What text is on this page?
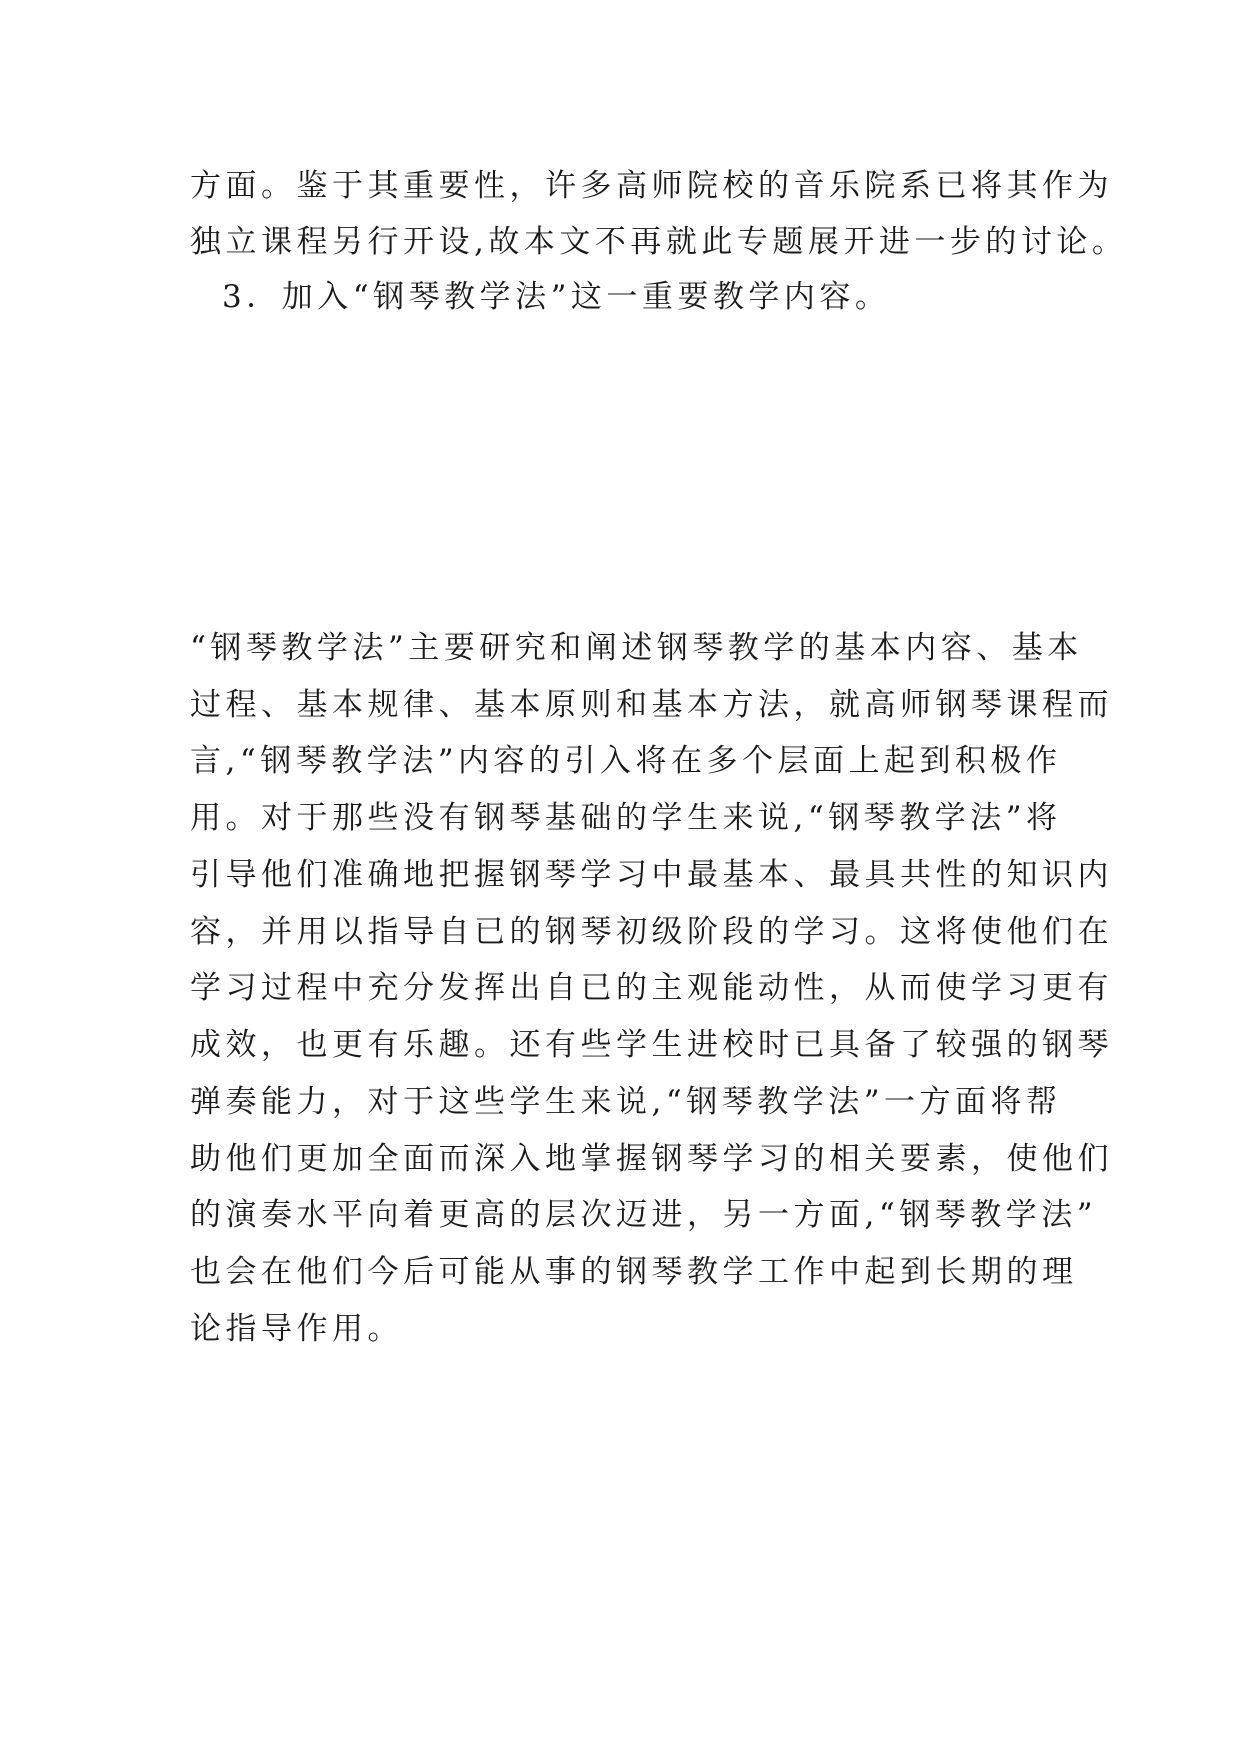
方面。鉴于其重要性，许多高师院校的音乐院系已将其作为
独立课程另行开设,故本文不再就此专题展开进一步的讨论。
3．加入“钢琴教学法”这一重要教学内容。
“钢琴教学法”主要研究和阐述钢琴教学的基本内容、基本
过程、基本规律、基本原则和基本方法，就高师钢琴课程而
言,“钢琴教学法”内容的引入将在多个层面上起到积极作
用。对于那些没有钢琴基础的学生来说,“钢琴教学法”将
引导他们准确地把握钢琴学习中最基本、最具共性的知识内
容，并用以指导自已的钢琴初级阶段的学习。这将使他们在
学习过程中充分发挥出自已的主观能动性，从而使学习更有
成效，也更有乐趣。还有些学生进校时已具备了较强的钢琴
弹奏能力，对于这些学生来说,“钢琴教学法”一方面将帮
助他们更加全面而深入地掌握钢琴学习的相关要素，使他们
的演奏水平向着更高的层次迈进，另一方面,“钢琴教学法”
也会在他们今后可能从事的钢琴教学工作中起到长期的理
论指导作用。
